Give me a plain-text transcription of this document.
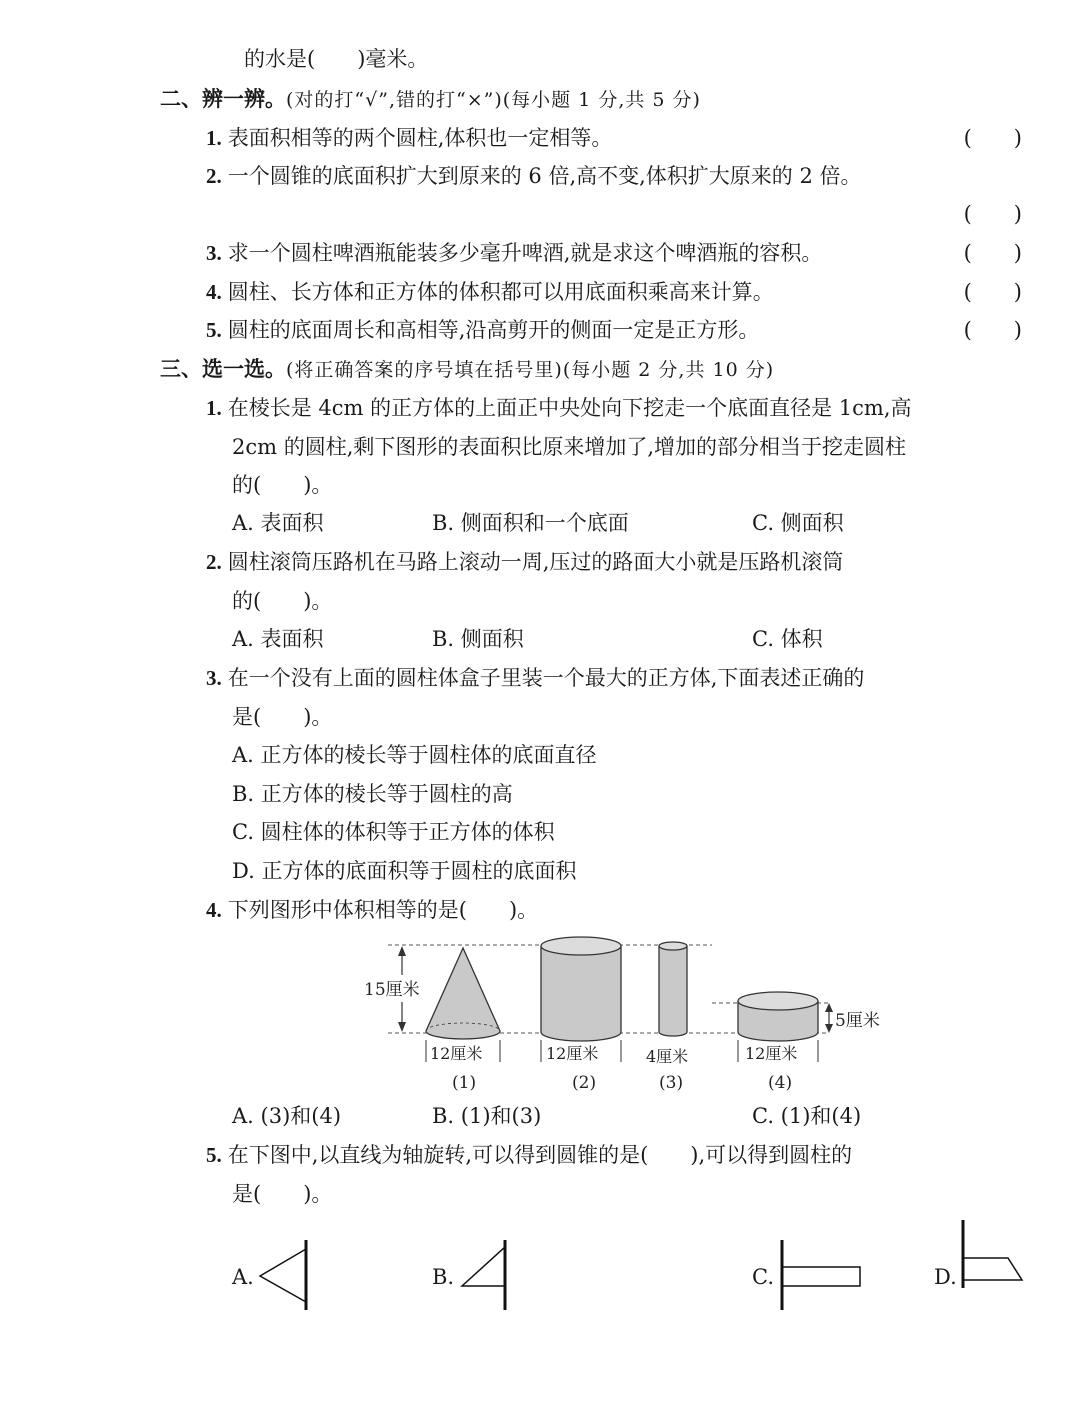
的水是(　　)毫米。
二、辨一辨。(对的打“√”,错的打“×”)(每小题 1 分,共 5 分)
1. 表面积相等的两个圆柱,体积也一定相等。	(　　)
2. 一个圆锥的底面积扩大到原来的 6 倍,高不变,体积扩大原来的 2 倍。
(　　)
3. 求一个圆柱啤酒瓶能装多少毫升啤酒,就是求这个啤酒瓶的容积。	(　　)
4. 圆柱、长方体和正方体的体积都可以用底面积乘高来计算。	(　　)
5. 圆柱的底面周长和高相等,沿高剪开的侧面一定是正方形。	(　　)
三、选一选。(将正确答案的序号填在括号里)(每小题 2 分,共 10 分)
1. 在棱长是 4cm 的正方体的上面正中央处向下挖走一个底面直径是 1cm,高
2cm 的圆柱,剩下图形的表面积比原来增加了,增加的部分相当于挖走圆柱
的(　　)。
A. 表面积	B. 侧面积和一个底面	C. 侧面积
2. 圆柱滚筒压路机在马路上滚动一周,压过的路面大小就是压路机滚筒
的(　　)。
A. 表面积	B. 侧面积	C. 体积
3. 在一个没有上面的圆柱体盒子里装一个最大的正方体,下面表述正确的
是(　　)。
A. 正方体的棱长等于圆柱体的底面直径
B. 正方体的棱长等于圆柱的高
C. 圆柱体的体积等于正方体的体积
D. 正方体的底面积等于圆柱的底面积
4. 下列图形中体积相等的是(　　)。
15厘米
5厘米
12厘米	12厘米	4厘米	12厘米
(1)	(2)	(3)	(4)
A. (3)和(4)	B. (1)和(3)	C. (1)和(4)
5. 在下图中,以直线为轴旋转,可以得到圆锥的是(　　),可以得到圆柱的
是(　　)。
A.	B.	C.	D.
